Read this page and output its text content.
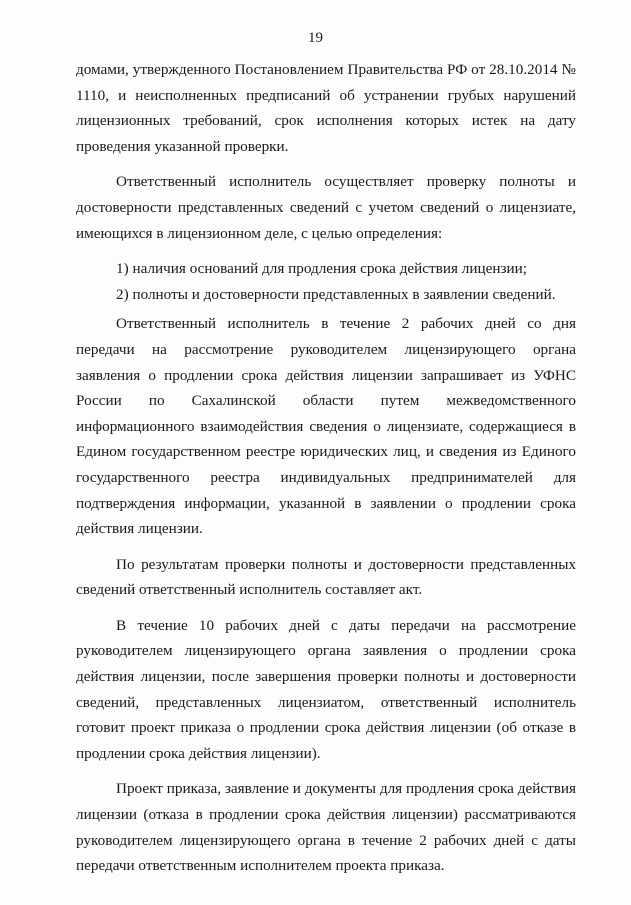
19

домами, утвержденного Постановлением Правительства РФ от 28.10.2014 № 1110, и неисполненных предписаний об устранении грубых нарушений лицензионных требований, срок исполнения которых истек на дату проведения указанной проверки.

Ответственный исполнитель осуществляет проверку полноты и достоверности представленных сведений с учетом сведений о лицензиате, имеющихся в лицензионном деле, с целью определения:

1) наличия оснований для продления срока действия лицензии;

2) полноты и достоверности представленных в заявлении сведений.

Ответственный исполнитель в течение 2 рабочих дней со дня передачи на рассмотрение руководителем лицензирующего органа заявления о продлении срока действия лицензии запрашивает из УФНС России по Сахалинской области путем межведомственного информационного взаимодействия сведения о лицензиате, содержащиеся в Едином государственном реестре юридических лиц, и сведения из Единого государственного реестра индивидуальных предпринимателей для подтверждения информации, указанной в заявлении о продлении срока действия лицензии.

По результатам проверки полноты и достоверности представленных сведений ответственный исполнитель составляет акт.

В течение 10 рабочих дней с даты передачи на рассмотрение руководителем лицензирующего органа заявления о продлении срока действия лицензии, после завершения проверки полноты и достоверности сведений, представленных лицензиатом, ответственный исполнитель готовит проект приказа о продлении срока действия лицензии (об отказе в продлении срока действия лицензии).

Проект приказа, заявление и документы для продления срока действия лицензии (отказа в продлении срока действия лицензии) рассматриваются руководителем лицензирующего органа в течение 2 рабочих дней с даты передачи ответственным исполнителем проекта приказа.
